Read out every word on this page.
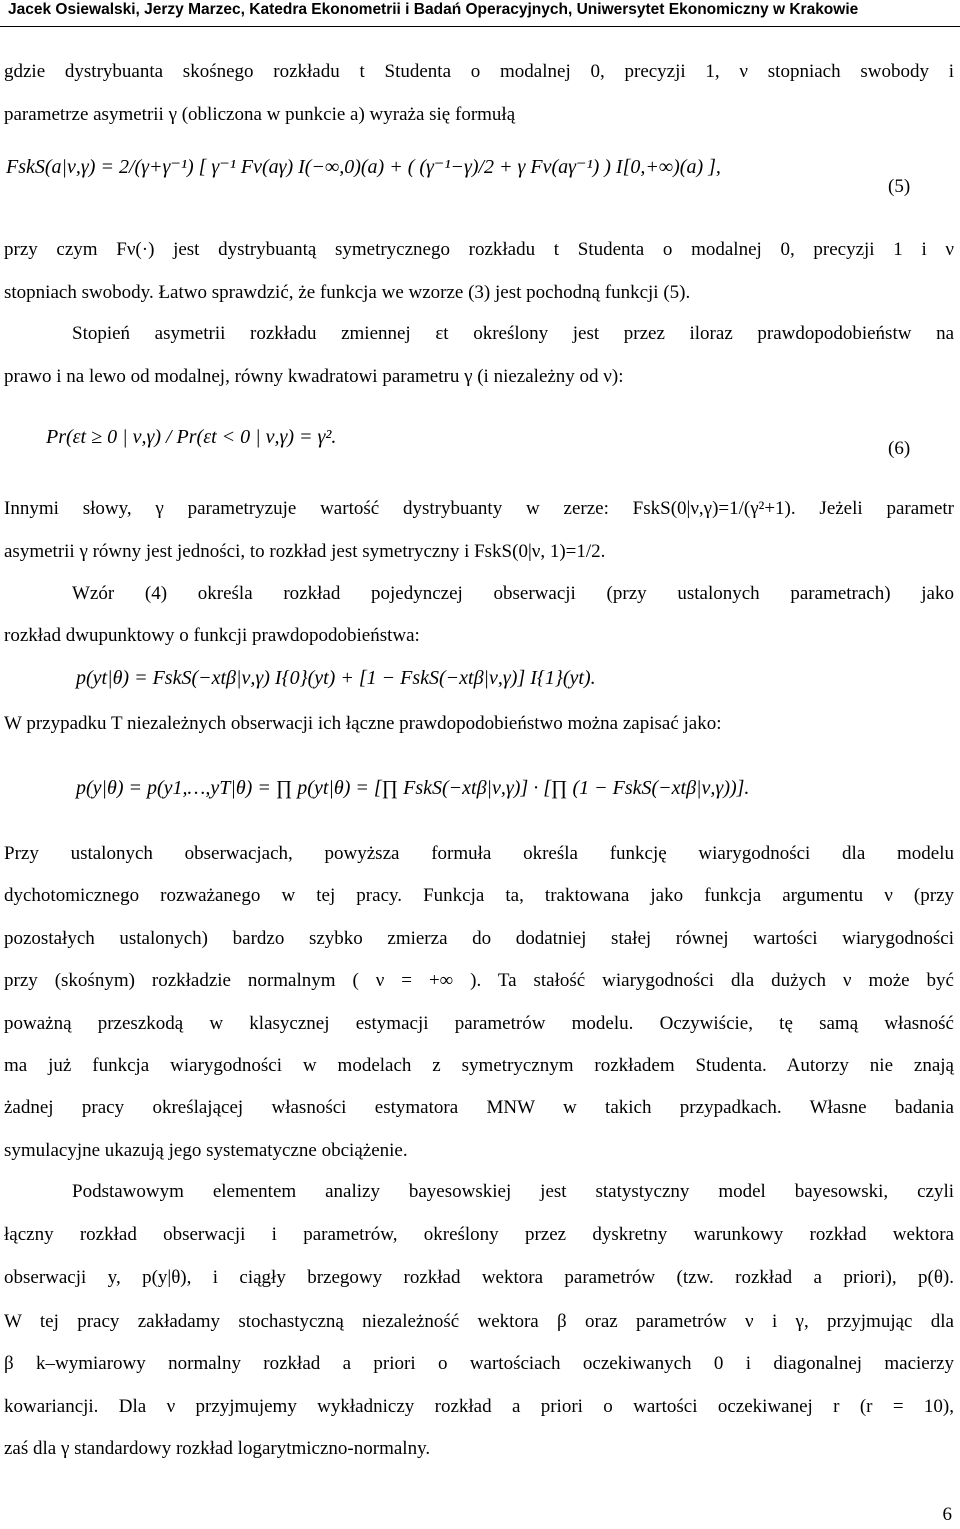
Jacek Osiewalski, Jerzy Marzec, Katedra Ekonometrii i Badań Operacyjnych, Uniwersytet Ekonomiczny w Krakowie
gdzie dystrybuanta skośnego rozkładu t Studenta o modalnej 0, precyzji 1, ν stopniach swobody i
parametrze asymetrii γ (obliczona w punkcie a) wyraża się formułą
FskS(a|ν,γ) = 2/(γ+γ⁻¹) [ γ⁻¹ Fν(aγ) I(−∞,0)(a) + ( (γ⁻¹−γ)/2 + γ Fν(aγ⁻¹) ) I[0,+∞)(a) ],
(5)
przy czym Fν(·) jest dystrybuantą symetrycznego rozkładu t Studenta o modalnej 0, precyzji 1 i ν
stopniach swobody. Łatwo sprawdzić, że funkcja we wzorze (3) jest pochodną funkcji (5).
Stopień asymetrii rozkładu zmiennej εt określony jest przez iloraz prawdopodobieństw na
prawo i na lewo od modalnej, równy kwadratowi parametru γ (i niezależny od ν):
Pr(εt ≥ 0 | ν,γ) / Pr(εt < 0 | ν,γ) = γ².
(6)
Innymi słowy, γ parametryzuje wartość dystrybuanty w zerze: FskS(0|ν,γ)=1/(γ²+1). Jeżeli parametr
asymetrii γ równy jest jedności, to rozkład jest symetryczny i FskS(0|ν, 1)=1/2.
Wzór (4) określa rozkład pojedynczej obserwacji (przy ustalonych parametrach) jako
rozkład dwupunktowy o funkcji prawdopodobieństwa:
p(yt|θ) = FskS(−xtβ|ν,γ) I{0}(yt) + [1 − FskS(−xtβ|ν,γ)] I{1}(yt).
W przypadku T niezależnych obserwacji ich łączne prawdopodobieństwo można zapisać jako:
p(y|θ) = p(y1,…,yT|θ) = ∏ p(yt|θ) = [∏ FskS(−xtβ|ν,γ)] · [∏ (1 − FskS(−xtβ|ν,γ))].
Przy ustalonych obserwacjach, powyższa formuła określa funkcję wiarygodności dla modelu
dychotomicznego rozważanego w tej pracy. Funkcja ta, traktowana jako funkcja argumentu ν (przy
pozostałych ustalonych) bardzo szybko zmierza do dodatniej stałej równej wartości wiarygodności
przy (skośnym) rozkładzie normalnym ( ν = +∞ ). Ta stałość wiarygodności dla dużych ν może być
poważną przeszkodą w klasycznej estymacji parametrów modelu. Oczywiście, tę samą własność
ma już funkcja wiarygodności w modelach z symetrycznym rozkładem Studenta. Autorzy nie znają
żadnej pracy określającej własności estymatora MNW w takich przypadkach. Własne badania
symulacyjne ukazują jego systematyczne obciążenie.
Podstawowym elementem analizy bayesowskiej jest statystyczny model bayesowski, czyli
łączny rozkład obserwacji i parametrów, określony przez dyskretny warunkowy rozkład wektora
obserwacji y, p(y|θ), i ciągły brzegowy rozkład wektora parametrów (tzw. rozkład a priori), p(θ).
W tej pracy zakładamy stochastyczną niezależność wektora β oraz parametrów ν i γ, przyjmując dla
β k–wymiarowy normalny rozkład a priori o wartościach oczekiwanych 0 i diagonalnej macierzy
kowariancji. Dla ν przyjmujemy wykładniczy rozkład a priori o wartości oczekiwanej r (r = 10),
zaś dla γ standardowy rozkład logarytmiczno-normalny.
6
